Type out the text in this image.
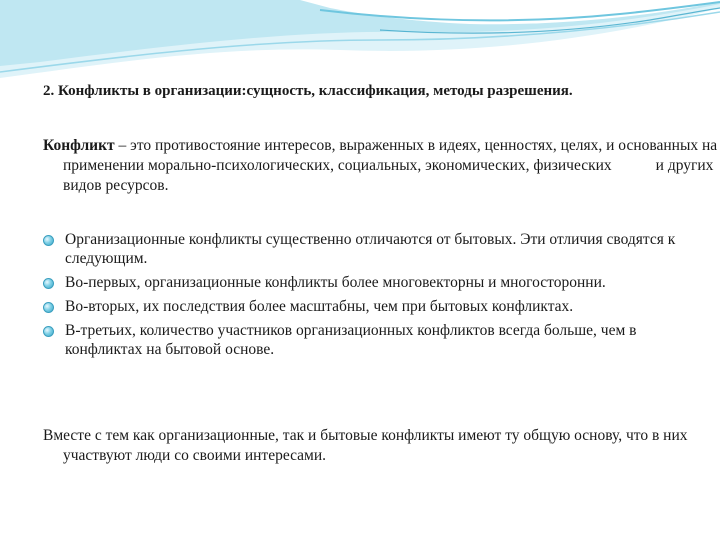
2. Конфликты в организации:сущность, классификация, методы разрешения.
Конфликт – это противостояние интересов, выраженных в идеях, ценностях, целях, и основанных на применении морально-психологических, социальных, экономических, физических	и других видов ресурсов.
Организационные конфликты существенно отличаются от бытовых. Эти отличия сводятся к следующим.
Во-первых, организационные конфликты более многовекторны и многосторонни.
Во-вторых, их последствия более масштабны, чем при бытовых конфликтах.
В-третьих, количество участников организационных конфликтов всегда больше, чем в конфликтах на бытовой основе.
Вместе с тем как организационные, так и бытовые конфликты имеют ту общую основу, что в них участвуют люди со своими интересами.
